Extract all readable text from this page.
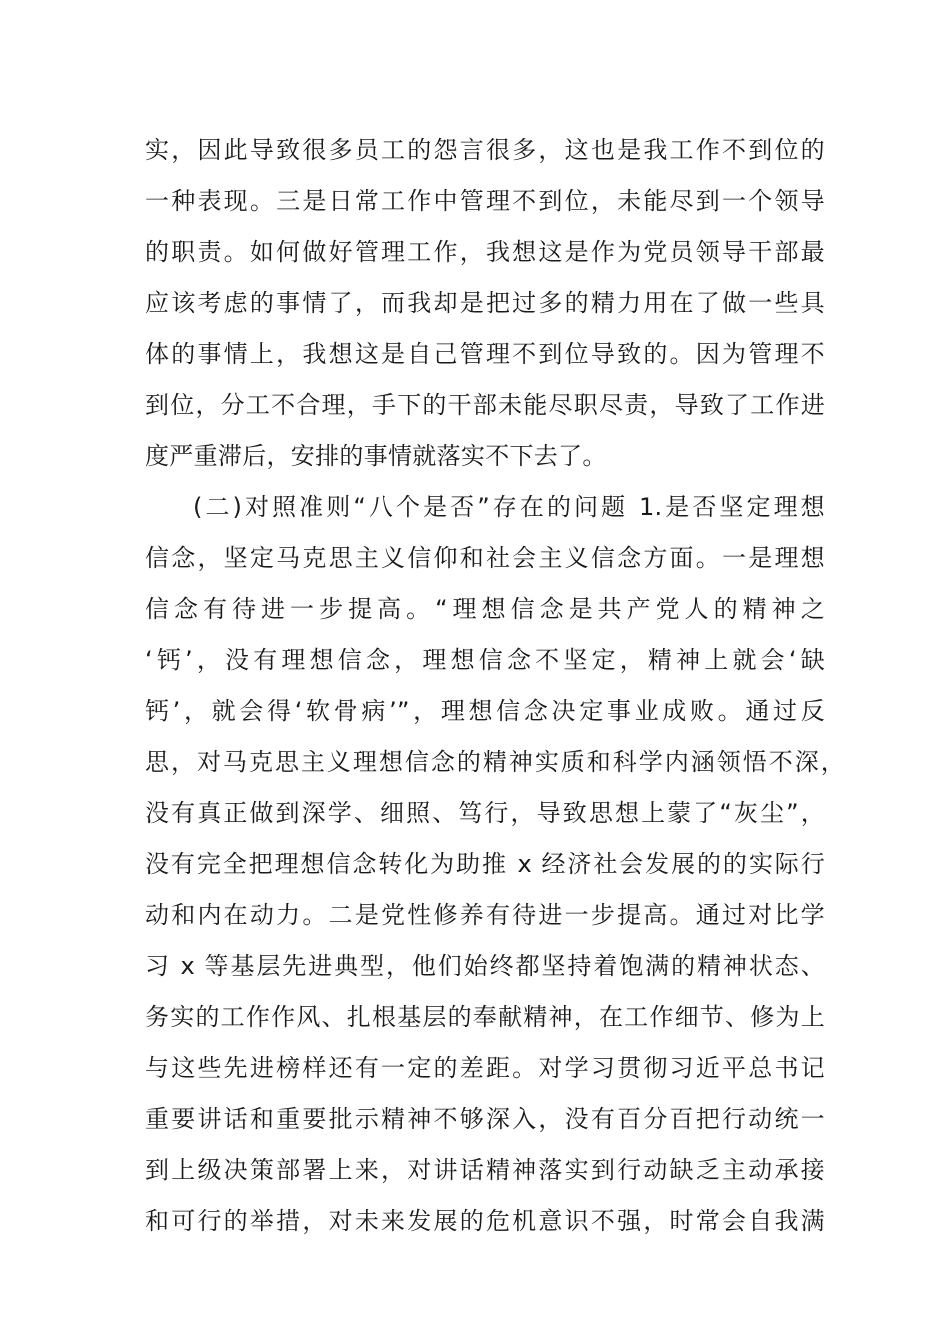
实，因此导致很多员工的怨言很多，这也是我工作不到位的
一种表现。三是日常工作中管理不到位，未能尽到一个领导
的职责。如何做好管理工作，我想这是作为党员领导干部最
应该考虑的事情了，而我却是把过多的精力用在了做一些具
体的事情上，我想这是自己管理不到位导致的。因为管理不
到位，分工不合理，手下的干部未能尽职尽责，导致了工作进
度严重滞后，安排的事情就落实不下去了。
(二)对照准则“八个是否”存在的问题 1.是否坚定理想
信念，坚定马克思主义信仰和社会主义信念方面。一是理想
信念有待进一步提高。“理想信念是共产党人的精神之
‘钙’，没有理想信念，理想信念不坚定，精神上就会‘缺
钙’，就会得‘软骨病’”，理想信念决定事业成败。通过反
思，对马克思主义理想信念的精神实质和科学内涵领悟不深，
没有真正做到深学、细照、笃行，导致思想上蒙了“灰尘”，
没有完全把理想信念转化为助推 x 经济社会发展的的实际行
动和内在动力。二是党性修养有待进一步提高。通过对比学
习 x 等基层先进典型，他们始终都坚持着饱满的精神状态、
务实的工作作风、扎根基层的奉献精神，在工作细节、修为上
与这些先进榜样还有一定的差距。对学习贯彻习近平总书记
重要讲话和重要批示精神不够深入，没有百分百把行动统一
到上级决策部署上来，对讲话精神落实到行动缺乏主动承接
和可行的举措，对未来发展的危机意识不强，时常会自我满
